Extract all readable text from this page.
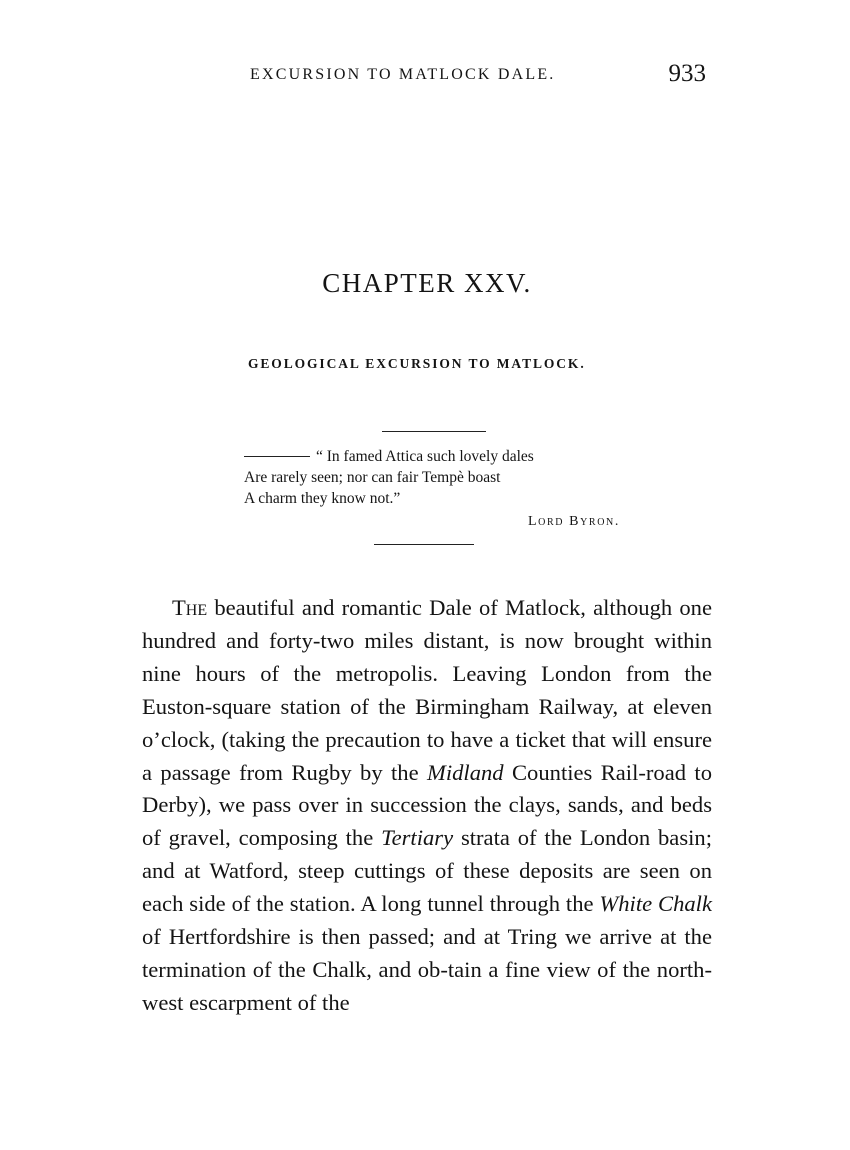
EXCURSION TO MATLOCK DALE.	933
CHAPTER XXV.
GEOLOGICAL EXCURSION TO MATLOCK.
“ In famed Attica such lovely dales
Are rarely seen; nor can fair Tempè boast
A charm they know not.”
Lord Byron.
The beautiful and romantic Dale of Matlock, although one hundred and forty-two miles distant, is now brought within nine hours of the metropolis. Leaving London from the Euston-square station of the Birmingham Railway, at eleven o’clock, (taking the precaution to have a ticket that will ensure a passage from Rugby by the Midland Counties Rail-road to Derby), we pass over in succession the clays, sands, and beds of gravel, composing the Tertiary strata of the London basin; and at Watford, steep cuttings of these deposits are seen on each side of the station. A long tunnel through the White Chalk of Hertfordshire is then passed; and at Tring we arrive at the termination of the Chalk, and ob-tain a fine view of the north-west escarpment of the
